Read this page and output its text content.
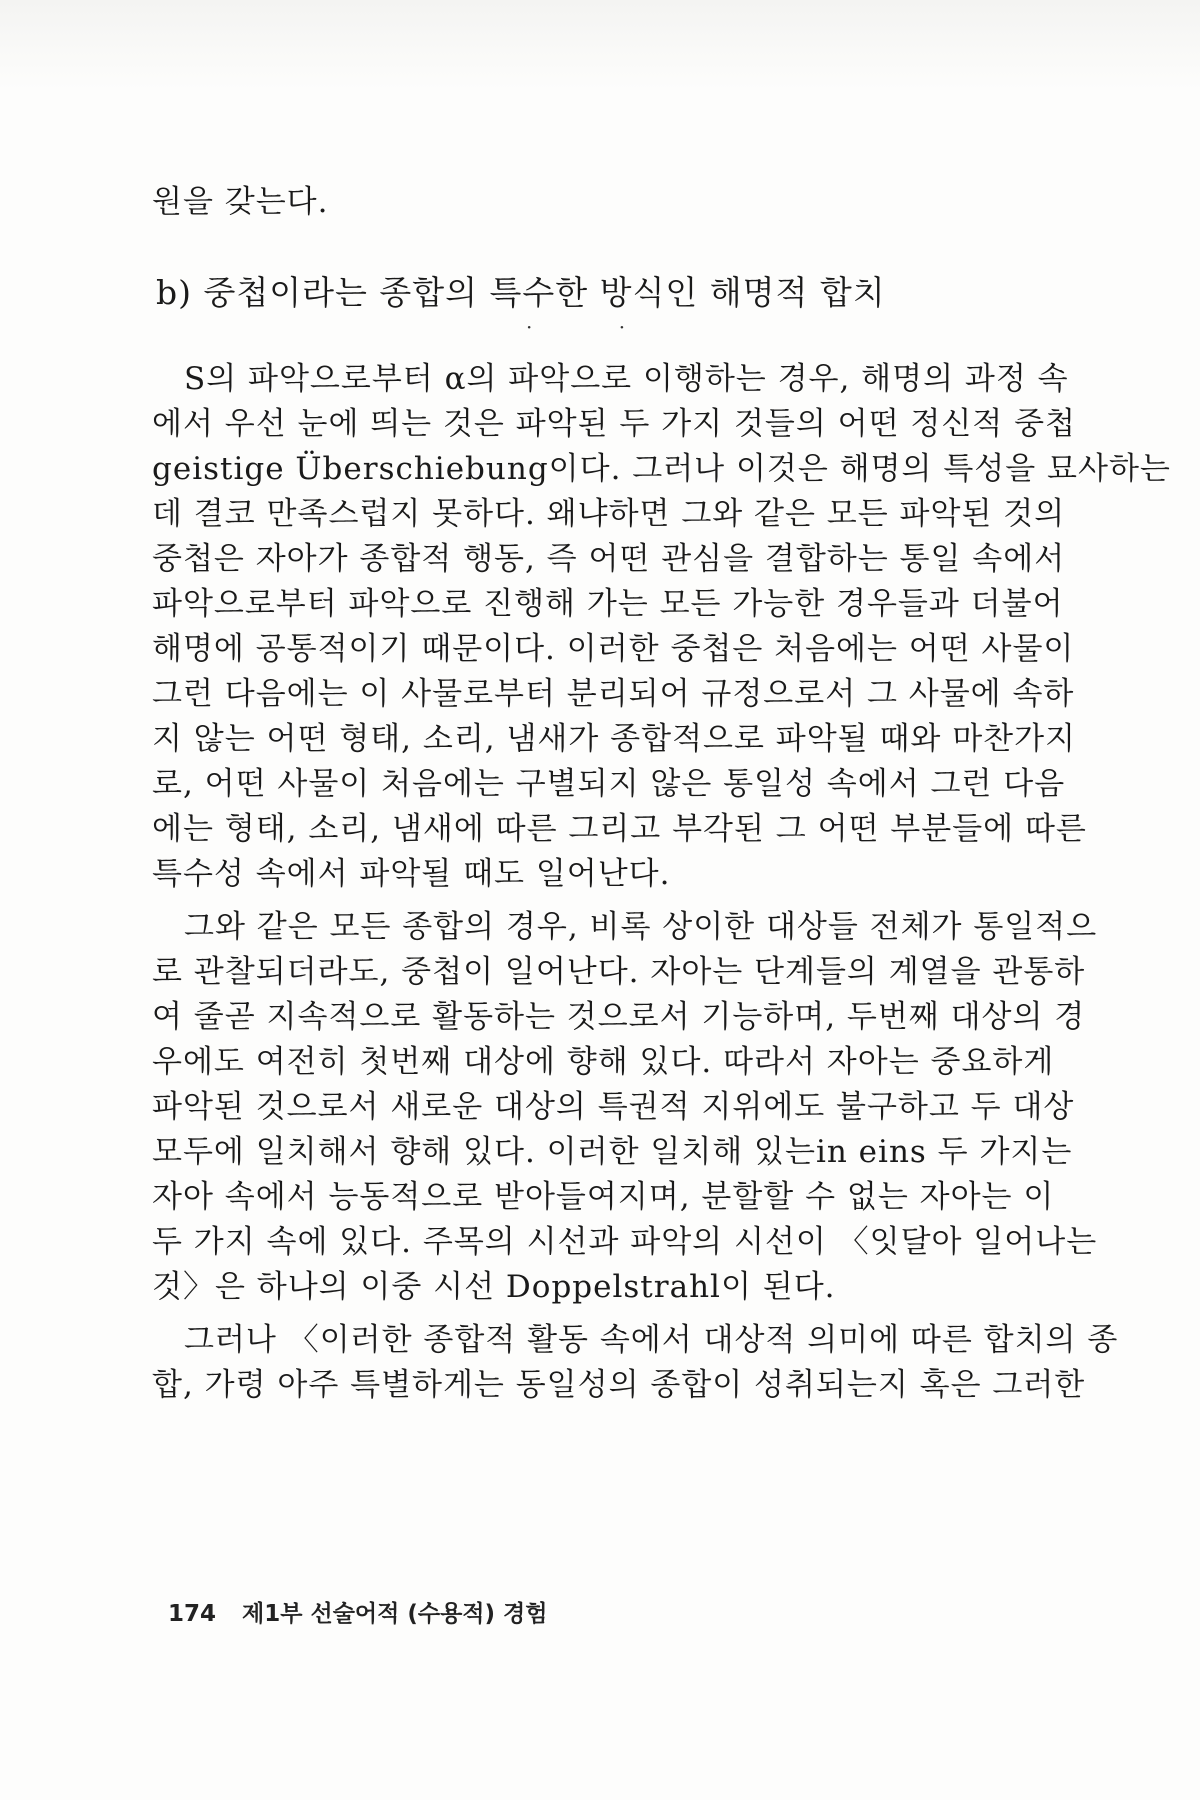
원을 갖는다.
b) 중첩이라는 종합의 특수한 방식인 해명적 합치
· ·
S의 파악으로부터 α의 파악으로 이행하는 경우, 해명의 과정 속
에서 우선 눈에 띄는 것은 파악된 두 가지 것들의 어떤 정신적 중첩
geistige Überschiebung이다. 그러나 이것은 해명의 특성을 묘사하는
데 결코 만족스럽지 못하다. 왜냐하면 그와 같은 모든 파악된 것의
중첩은 자아가 종합적 행동, 즉 어떤 관심을 결합하는 통일 속에서
파악으로부터 파악으로 진행해 가는 모든 가능한 경우들과 더불어
해명에 공통적이기 때문이다. 이러한 중첩은 처음에는 어떤 사물이
그런 다음에는 이 사물로부터 분리되어 규정으로서 그 사물에 속하
지 않는 어떤 형태, 소리, 냄새가 종합적으로 파악될 때와 마찬가지
로, 어떤 사물이 처음에는 구별되지 않은 통일성 속에서 그런 다음
에는 형태, 소리, 냄새에 따른 그리고 부각된 그 어떤 부분들에 따른
특수성 속에서 파악될 때도 일어난다.
그와 같은 모든 종합의 경우, 비록 상이한 대상들 전체가 통일적으
로 관찰되더라도, 중첩이 일어난다. 자아는 단계들의 계열을 관통하
여 줄곧 지속적으로 활동하는 것으로서 기능하며, 두번째 대상의 경
우에도 여전히 첫번째 대상에 향해 있다. 따라서 자아는 중요하게
파악된 것으로서 새로운 대상의 특권적 지위에도 불구하고 두 대상
모두에 일치해서 향해 있다. 이러한 일치해 있는in eins 두 가지는
자아 속에서 능동적으로 받아들여지며, 분할할 수 없는 자아는 이
두 가지 속에 있다. 주목의 시선과 파악의 시선이 〈잇달아 일어나는
것〉은 하나의 이중 시선 Doppelstrahl이 된다.
그러나 〈이러한 종합적 활동 속에서 대상적 의미에 따른 합치의 종
합, 가령 아주 특별하게는 동일성의 종합이 성취되는지 혹은 그러한
174 제1부 선술어적 (수용적) 경험
